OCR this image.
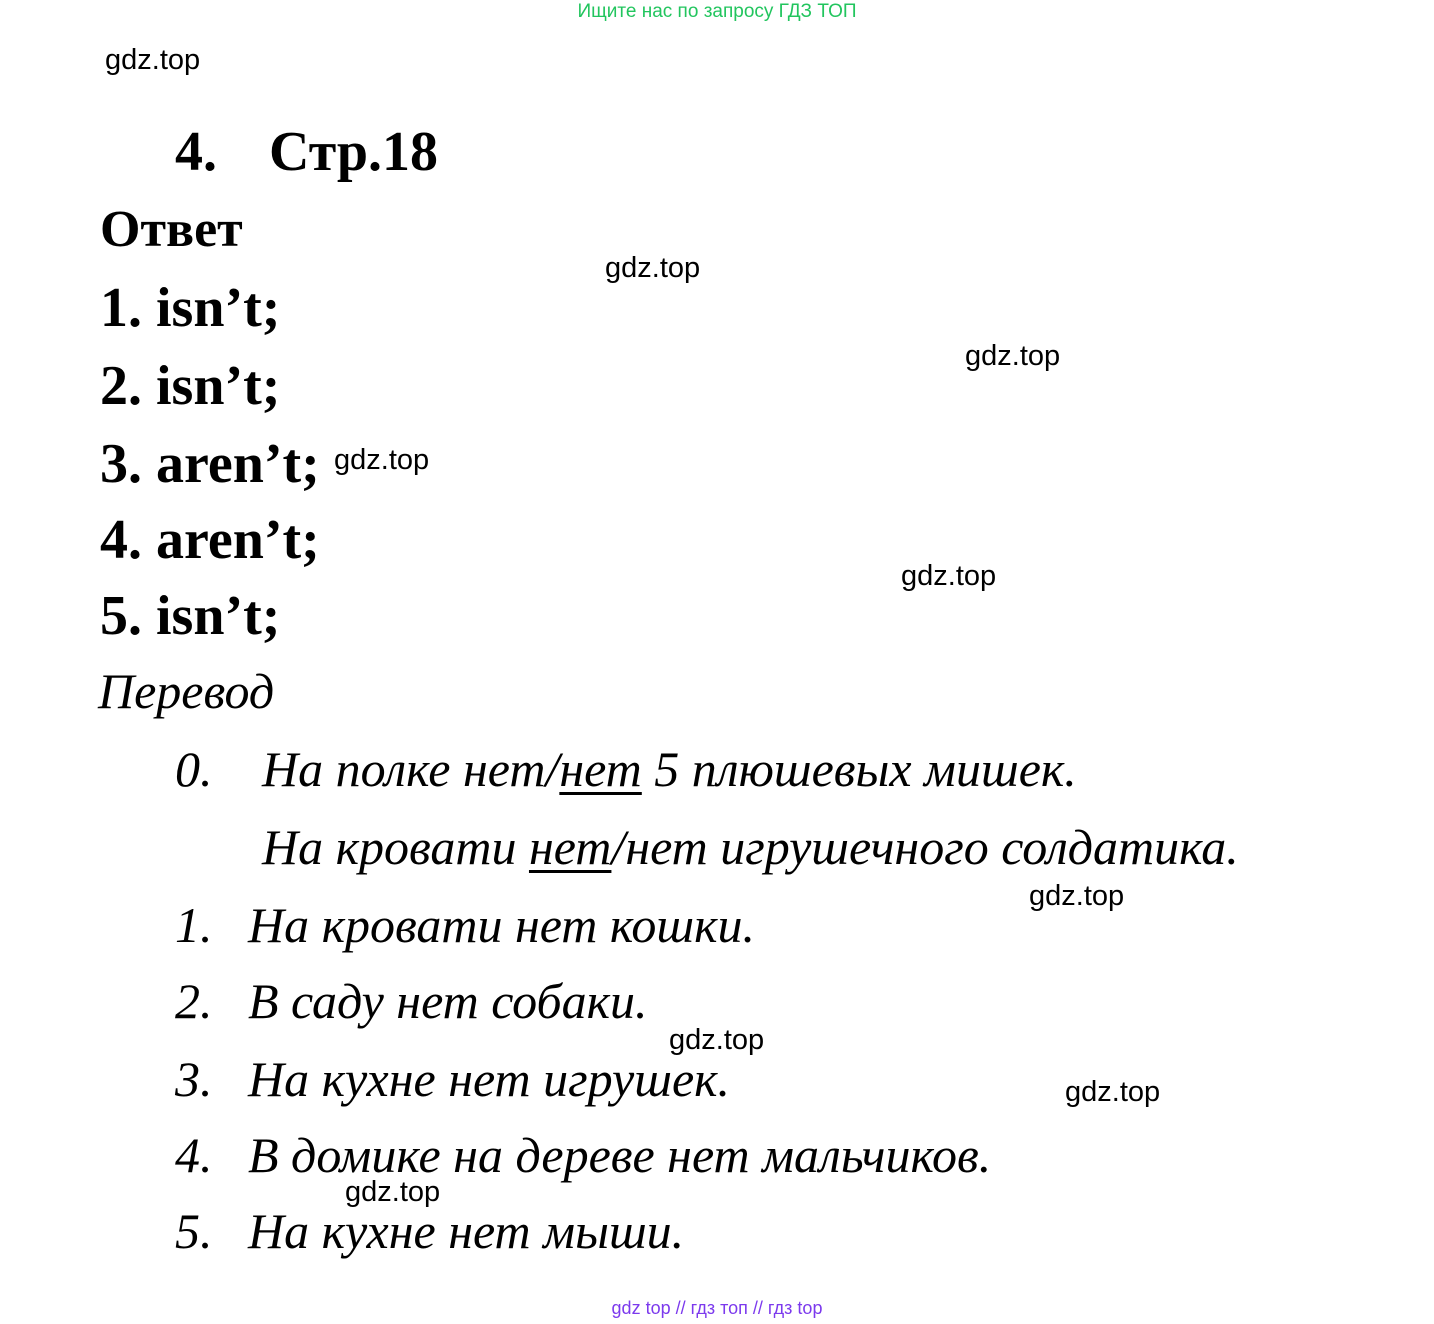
Ищите нас по запросу ГДЗ ТОП
gdz.top
gdz.top
gdz.top
gdz.top
gdz.top
gdz.top
gdz.top
gdz.top
gdz.top
4. Стр.18
Ответ
1. isn’t;
2. isn’t;
3. aren’t;
4. aren’t;
5. isn’t;
Перевод
0. На полке нет/нет 5 плюшевых мишек.
На кровати нет/нет игрушечного солдатика.
1. На кровати нет кошки.
2. В саду нет собаки.
3. На кухне нет игрушек.
4. В домике на дереве нет мальчиков.
5. На кухне нет мыши.
gdz top // гдз топ // гдз top
